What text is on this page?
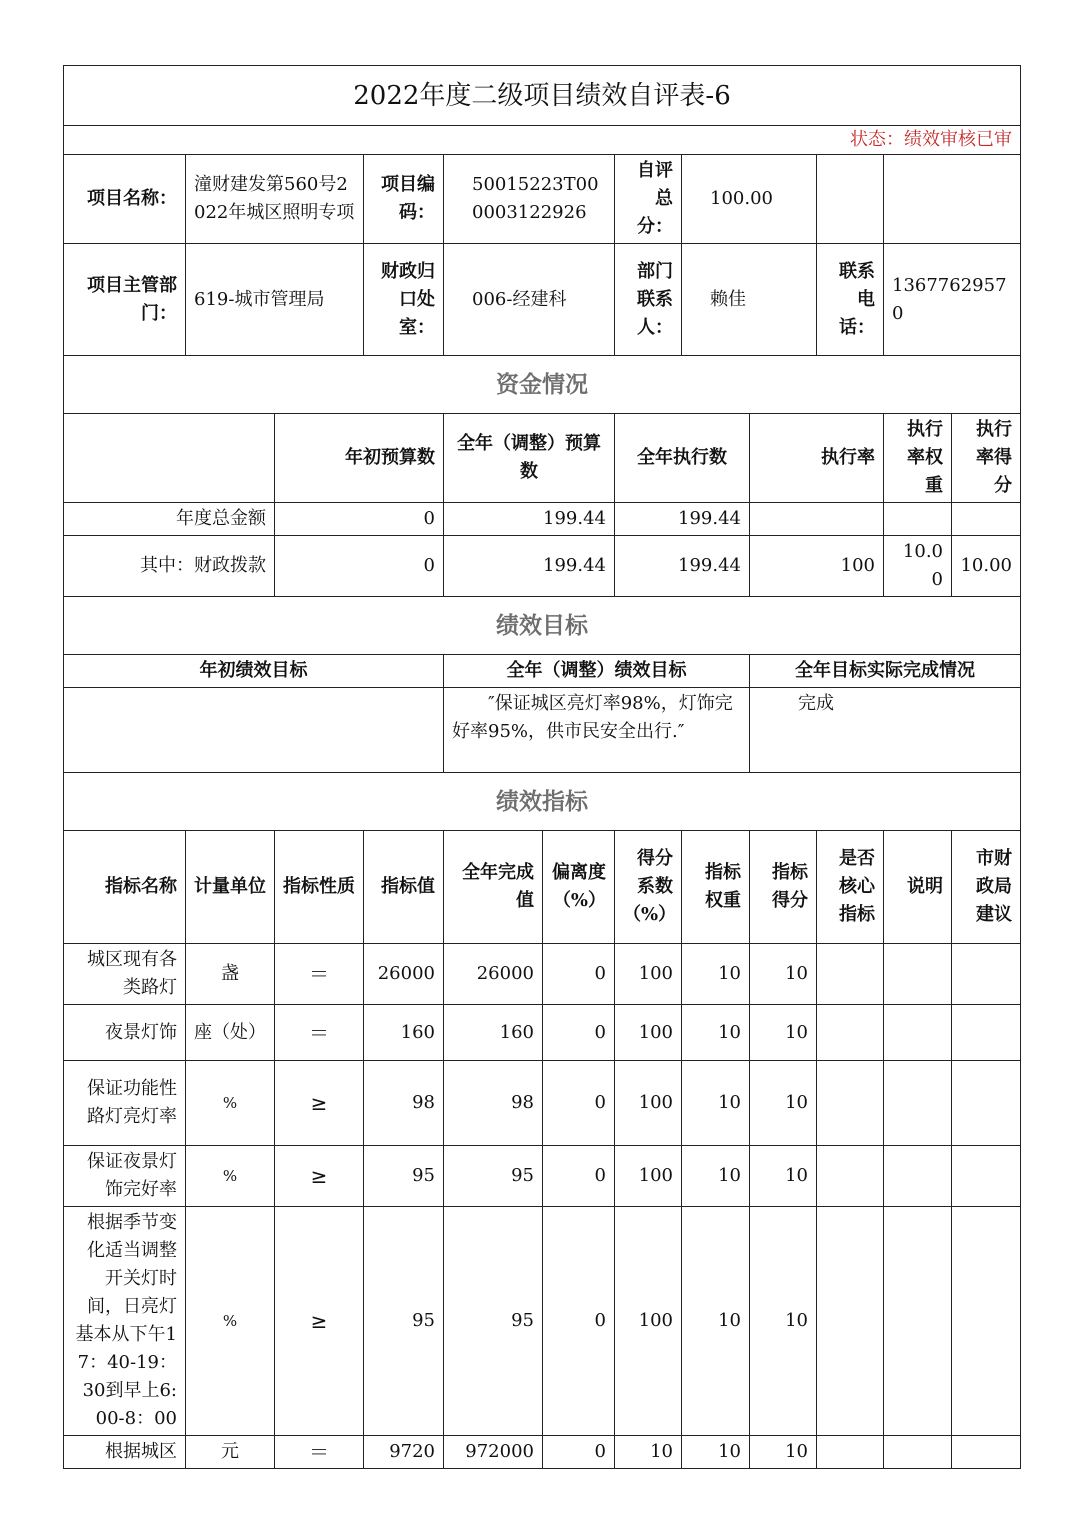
2022年度二级项目绩效自评表-6											
状态：绩效审核已审											
项目名称：	潼财建发第560号2022年城区照明专项		项目编码：	50015223T000003122926		自评总分：	100.00				
项目主管部门：	619-城市管理局		财政归口处室：	006-经建科		部门联系人：	赖佳		联系电话：	13677629570	
资金情况											
		年初预算数		全年（调整）预算数		全年执行数		执行率		执行率权重	执行率得分
年度总金额		0		199.44		199.44					
其中：财政拨款		0		199.44		199.44		100		10.00	10.00
绩效目标											
年初绩效目标				全年（调整）绩效目标				全年目标实际完成情况			
				″保证城区亮灯率98%，灯饰完好率95%，供市民安全出行.″				完成			
绩效指标											
指标名称	计量单位	指标性质	指标值	全年完成值	偏离度（%）	得分系数（%）	指标权重	指标得分	是否核心指标	说明	市财政局建议
城区现有各类路灯	盏	＝	26000	26000	0	100	10	10			
夜景灯饰	座（处）	＝	160	160	0	100	10	10			
保证功能性路灯亮灯率	%	≥	98	98	0	100	10	10			
保证夜景灯饰完好率	%	≥	95	95	0	100	10	10			
根据季节变化适当调整开关灯时间，日亮灯基本从下午17：40-19：30到早上6:00-8：00	%	≥	95	95	0	100	10	10			
根据城区	元	＝	9720	972000	0	10	10	10			
